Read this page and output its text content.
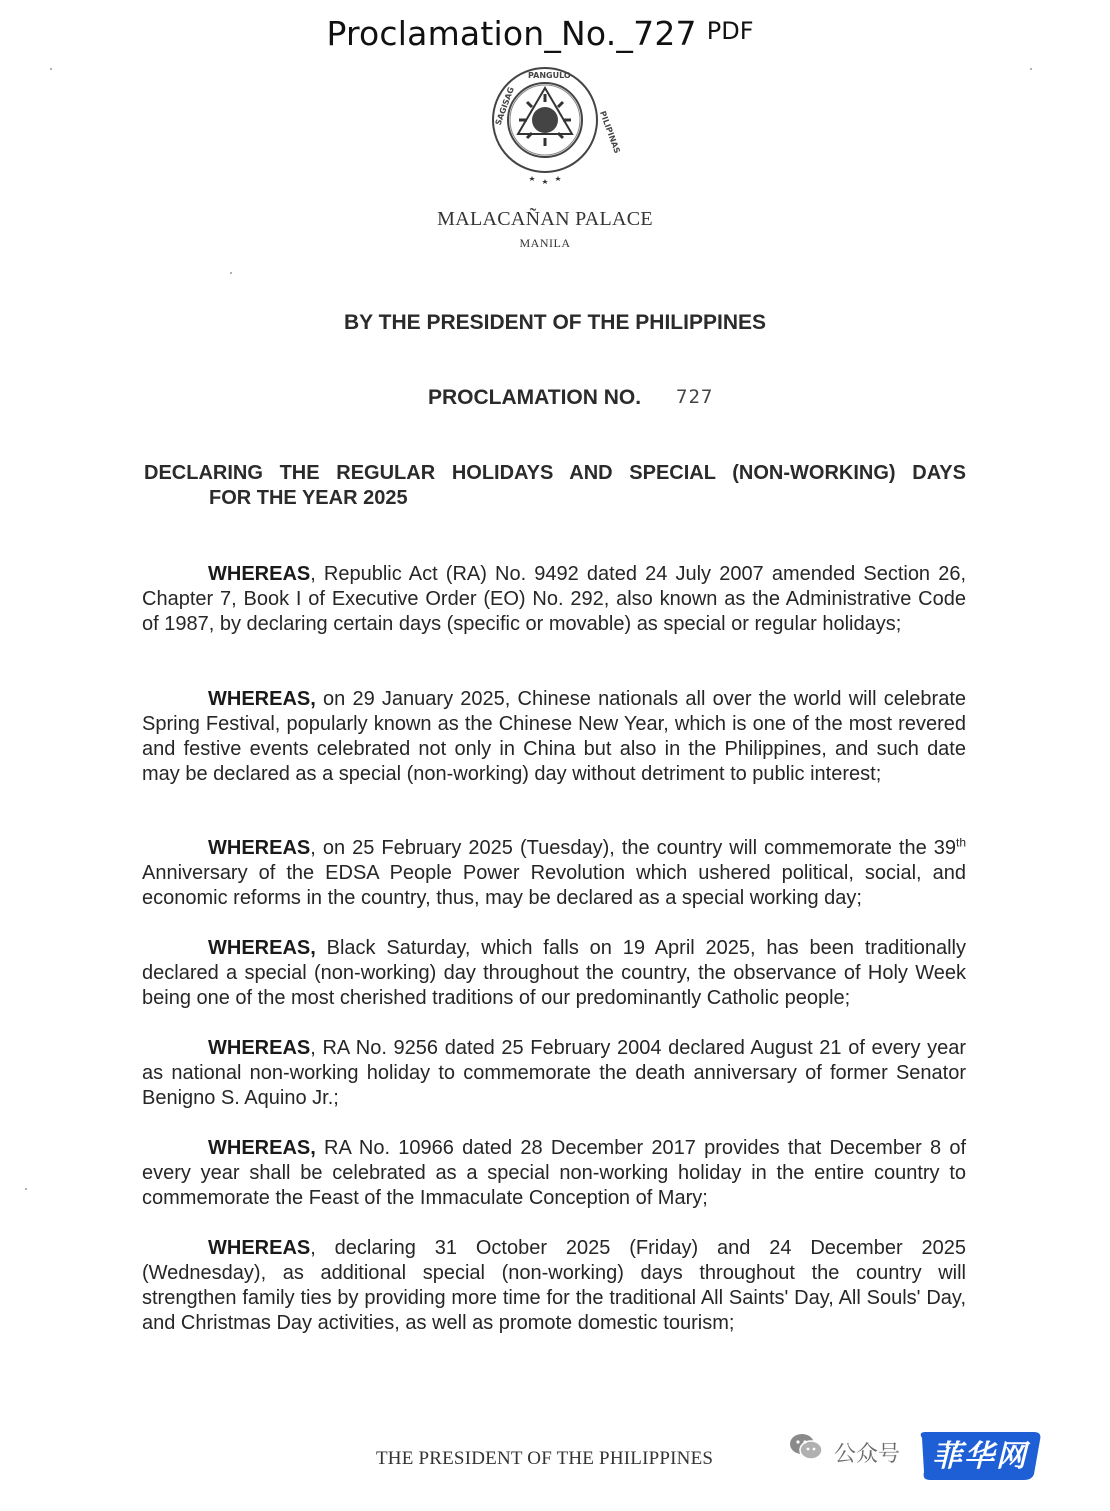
Proclamation_No._727 PDF
SAGISAG
PANGULO
PILIPINAS
MALACAÑAN PALACE
MANILA
BY THE PRESIDENT OF THE PHILIPPINES
PROCLAMATION NO. 727
DECLARING THE REGULAR HOLIDAYS AND SPECIAL (NON-WORKING) DAYS
FOR THE YEAR 2025
WHEREAS, Republic Act (RA) No. 9492 dated 24 July 2007 amended Section 26, Chapter 7, Book I of Executive Order (EO) No. 292, also known as the Administrative Code of 1987, by declaring certain days (specific or movable) as special or regular holidays;
WHEREAS, on 29 January 2025, Chinese nationals all over the world will celebrate Spring Festival, popularly known as the Chinese New Year, which is one of the most revered and festive events celebrated not only in China but also in the Philippines, and such date may be declared as a special (non-working) day without detriment to public interest;
WHEREAS, on 25 February 2025 (Tuesday), the country will commemorate the 39th Anniversary of the EDSA People Power Revolution which ushered political, social, and economic reforms in the country, thus, may be declared as a special working day;
WHEREAS, Black Saturday, which falls on 19 April 2025, has been traditionally declared a special (non-working) day throughout the country, the observance of Holy Week being one of the most cherished traditions of our predominantly Catholic people;
WHEREAS, RA No. 9256 dated 25 February 2004 declared August 21 of every year as national non-working holiday to commemorate the death anniversary of former Senator Benigno S. Aquino Jr.;
WHEREAS, RA No. 10966 dated 28 December 2017 provides that December 8 of every year shall be celebrated as a special non-working holiday in the entire country to commemorate the Feast of the Immaculate Conception of Mary;
WHEREAS, declaring 31 October 2025 (Friday) and 24 December 2025 (Wednesday), as additional special (non-working) days throughout the country will strengthen family ties by providing more time for the traditional All Saints' Day, All Souls' Day, and Christmas Day activities, as well as promote domestic tourism;
THE PRESIDENT OF THE PHILIPPINES	公众号	菲华网
